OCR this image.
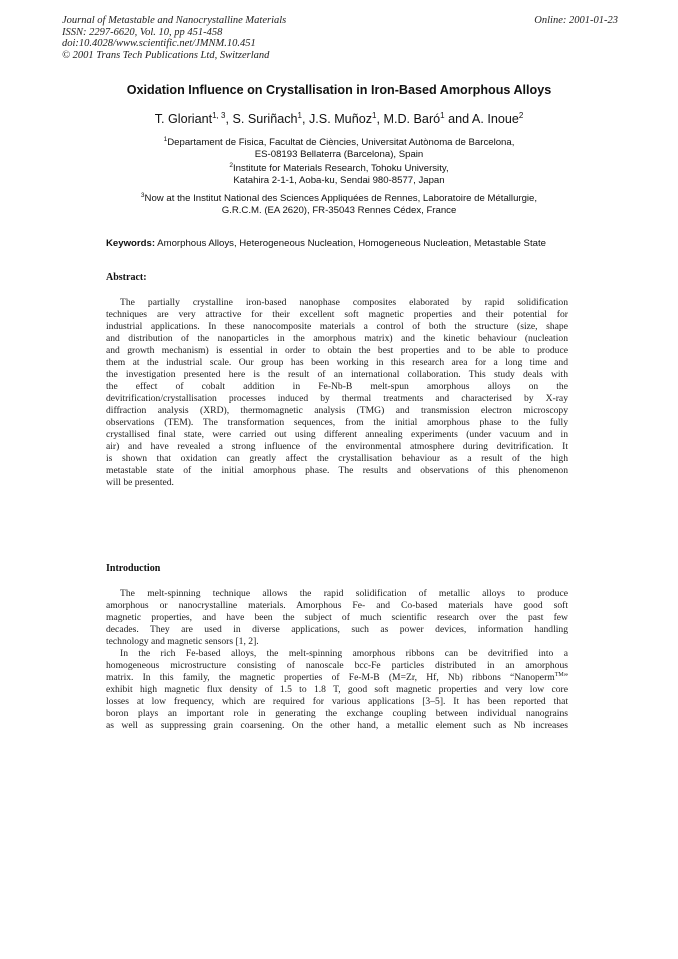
Journal of Metastable and Nanocrystalline Materials
ISSN: 2297-6620, Vol. 10, pp 451-458
doi:10.4028/www.scientific.net/JMNM.10.451
© 2001 Trans Tech Publications Ltd, Switzerland
Online: 2001-01-23
Oxidation Influence on Crystallisation in Iron-Based Amorphous Alloys
T. Gloriant$^{1, 3}$, S. Suriñach$^1$, J.S. Muñoz$^1$, M.D. Baró$^1$ and A. Inoue$^2$
$^1$Departament de Fisica, Facultat de Ciències, Universitat Autònoma de Barcelona,
ES-08193 Bellaterra (Barcelona), Spain
$^2$Institute for Materials Research, Tohoku University,
Katahira 2-1-1, Aoba-ku, Sendai 980-8577, Japan
$^3$Now at the Institut National des Sciences Appliquées de Rennes, Laboratoire de Métallurgie,
G.R.C.M. (EA 2620), FR-35043 Rennes Cédex, France
Keywords: Amorphous Alloys, Heterogeneous Nucleation, Homogeneous Nucleation, Metastable State
Abstract:
The partially crystalline iron-based nanophase composites elaborated by rapid solidification
techniques are very attractive for their excellent soft magnetic properties and their potential for
industrial applications. In these nanocomposite materials a control of both the structure (size, shape
and distribution of the nanoparticles in the amorphous matrix) and the kinetic behaviour (nucleation
and growth mechanism) is essential in order to obtain the best properties and to be able to produce
them at the industrial scale. Our group has been working in this research area for a long time and
the investigation presented here is the result of an international collaboration. This study deals with
the effect of cobalt addition in Fe-Nb-B melt-spun amorphous alloys on the
devitrification/crystallisation processes induced by thermal treatments and characterised by X-ray
diffraction analysis (XRD), thermomagnetic analysis (TMG) and transmission electron microscopy
observations (TEM). The transformation sequences, from the initial amorphous phase to the fully
crystallised final state, were carried out using different annealing experiments (under vacuum and in
air) and have revealed a strong influence of the environmental atmosphere during devitrification. It
is shown that oxidation can greatly affect the crystallisation behaviour as a result of the high
metastable state of the initial amorphous phase. The results and observations of this phenomenon
will be presented.
Introduction
The melt-spinning technique allows the rapid solidification of metallic alloys to produce
amorphous or nanocrystalline materials. Amorphous Fe- and Co-based materials have good soft
magnetic properties, and have been the subject of much scientific research over the past few
decades. They are used in diverse applications, such as power devices, information handling
technology and magnetic sensors [1, 2].
In the rich Fe-based alloys, the melt-spinning amorphous ribbons can be devitrified into a
homogeneous microstructure consisting of nanoscale bcc-Fe particles distributed in an amorphous
matrix. In this family, the magnetic properties of Fe-M-B (M=Zr, Hf, Nb) ribbons “Nanoperm™”
exhibit high magnetic flux density of 1.5 to 1.8 T, good soft magnetic properties and very low core
losses at low frequency, which are required for various applications [3–5]. It has been reported that
boron plays an important role in generating the exchange coupling between individual nanograins
as well as suppressing grain coarsening. On the other hand, a metallic element such as Nb increases
